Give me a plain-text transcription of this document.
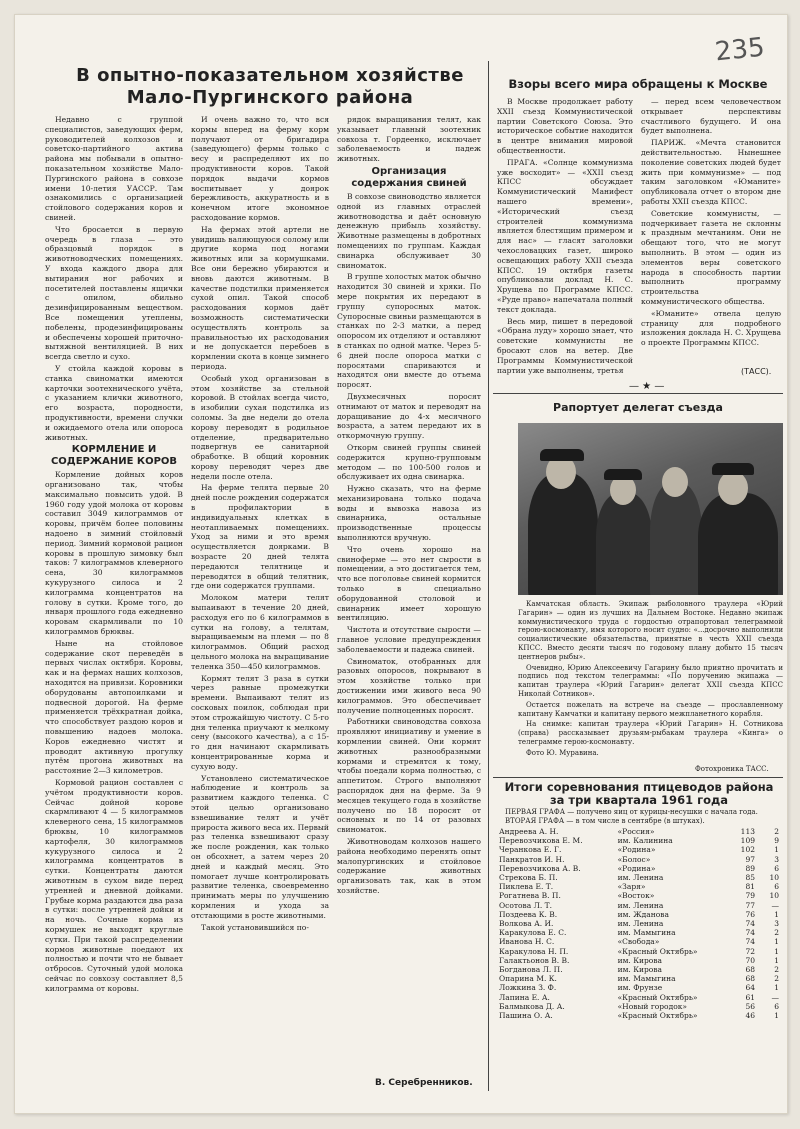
235
В опытно-показательном хозяйстве Мало-Пургинского района

Недавно с группой специалистов, заведующих ферм, руководителей колхозов и советско-партийного актива района мы побывали в опытно-показательном хозяйстве Мало-Пургинского района в совхозе имени 10-летия УАССР. Там ознакомились с организацией стойлового содержания коров и свиней.

Что бросается в первую очередь в глаза — это образцовый порядок в животноводческих помещениях. У входа каждого двора для вытирания ног рабочих и посетителей поставлены ящички с опилом, обильно дезинфицированным веществом. Все помещения утеплены, побелены, продезинфицированы и обеспечены хорошей приточно-вытяжной вентиляцией. В них всегда светло и сухо.

У стойла каждой коровы в станка свиноматки имеются карточки зоотехнического учёта, с указанием клички животного, его возраста, породности, продуктивности, времени случки и ожидаемого отела или опороса животных.

КОРМЛЕНИЕ И СОДЕРЖАНИЕ КОРОВ

Кормление дойных коров организовано так, чтобы максимально повысить удой. В 1960 году удой молока от коровы составил 3049 килограммов от коровы, причём более половины надоено в зимний стойловый период. Зимний кормовой рацион коровы в прошлую зимовку был таков: 7 килограммов клеверного сена, 30 килограммов кукурузного силоса и 2 килограмма концентратов на голову в сутки. Кроме того, до января прошлого года ежедневно коровам скармливали по 10 килограммов брюквы.

Ныне на стойловое содержание скот переведён в первых числах октября. Коровы, как и на фермах наших колхозов, находятся на привязи. Коровники оборудованы автопоилками и подвесной дорогой. На ферме применяется трёхкратная дойка, что способствует раздою коров и повышению надоев молока. Коров ежедневно чистят и проводят активную прогулку путём прогона животных на расстояние 2—3 километров.

Кормовой рацион составлен с учётом продуктивности коров. Сейчас дойной корове скармливают 4 — 5 килограммов клеверного сена, 15 килограммов брюквы, 10 килограммов картофеля, 30 килограммов кукурузного силоса и 2 килограмма концентратов в сутки. Концентраты даются животным в сухом виде перед утренней и дневной дойками. Грубые корма раздаются два раза в сутки: после утренней дойки и на ночь. Сочные корма из кормушек не выходят круглые сутки. При такой распределении кормов животные поедают их полностью и почти что не бывает отбросов. Суточный удой молока сейчас по совхозу составляет 8,5 килограмма от коровы.

И очень важно то, что вся кормы вперед на ферму корм получают от бригадира (заведующего) фермы только с весу и распределяют их по продуктивности коров. Такой порядок выдачи кормов воспитывает у доярок бережливость, аккуратность и в конечном итоге экономное расходование кормов.

На фермах этой артели не увидишь валяющуюся солому или другие корма под ногами животных или за кормушками. Все они бережно убираются и вновь даются животным. В качестве подстилки применяется сухой опил. Такой способ расходования кормов даёт возможность систематически осуществлять контроль за правильностью их расходования и не допускается перебоев в кормлении скота в конце зимнего периода.

Особый уход организован в этом хозяйстве за стельной коровой. В стойлах всегда чисто, в изобилии сухая подстилка из соломы. За две недели до отела корову переводят в родильное отделение, предварительно подвергнув ее санитарной обработке. В общий коровник корову переводят через две недели после отела.

На ферме телята первые 20 дней после рождения содержатся в профилактории в индивидуальных клетках в неотапливаемых помещениях. Уход за ними и это время осуществляется доярками. В возрасте 20 дней телята передаются телятнице и переводятся в общий телятник, где они содержатся группами.

Молоком матери телят выпаивают в течение 20 дней, расходуя его по 6 килограммов в сутки на голову, а телятам, выращиваемым на племя — по 8 килограммов. Общий расход цельного молока на выращивание теленка 350—450 килограммов.

Кормят телят 3 раза в сутки через равные промежутки времени. Выпаивают телят из сосковых поилок, соблюдая при этом строжайшую чистоту. С 5-го дня теленка приучают к мелкому сену (высокого качества), а с 15-го дня начинают скармливать концентрированные корма и сухую воду.

Установлено систематическое наблюдение и контроль за развитием каждого теленка. С этой целью организовано взвешивание телят и учёт прироста живого веса их. Первый раз теленка взвешивают сразу же после рождения, как только он обсохнет, а затем через 20 дней и каждый месяц. Это помогает лучше контролировать развитие теленка, своевременно принимать меры по улучшению кормления и ухода за отстающими в росте животными.

Такой установившийся по-

рядок выращивания телят, как указывает главный зоотехник совхоза т. Гордеенко, исключает заболеваемость и падеж животных.

Организация содержания свиней

В совхозе свиноводство является одной из главных отраслей животноводства и даёт основную денежную прибыль хозяйству. Животные размещены в добротных помещениях по группам. Каждая свинарка обслуживает 30 свиноматок.

В группе холостых маток обычно находится 30 свиней и хряки. По мере покрытия их передают в группу супоросных маток. Супоросные свиньи размещаются в станках по 2-3 матки, а перед опоросом их отделяют и оставляют в станках по одной матке. Через 5-6 дней после опороса матки с поросятами спариваются и находятся они вместе до отъема поросят.

Двухмесячных поросят отнимают от маток и переводят на доращивание до 4-х месячного возраста, а затем передают их в откормочную группу.

Откорм свиней группы свиней содержится крупно-групповым методом — по 100-500 голов и обслуживает их одна свинарка.

Нужно сказать, что на ферме механизирована только подача воды и вывозка навоза из свинарника, остальные производственные процессы выполняются вручную.

Что очень хорошо на свиноферме — это нет сырости в помещении, а это достигается тем, что все поголовье свиней кормится только в специально оборудованной столовой и свинарник имеет хорошую вентиляцию.

Чистота и отсутствие сырости — главное условие предупреждения заболеваемости и падежа свиней.

Свиноматок, отобранных для разовых опоросов, покрывают в этом хозяйстве только при достижении ими живого веса 90 килограммов. Это обеспечивает получение полноценных поросят.

Работники свиноводства совхоза проявляют инициативу и умение в кормлении свиней. Они кормят животных разнообразными кормами и стремятся к тому, чтобы поедали корма полностью, с аппетитом. Строго выполняют распорядок дня на ферме. За 9 месяцев текущего года в хозяйстве получено по 18 поросят от основных и по 14 от разовых свиноматок.

Животноводам колхозов нашего района необходимо перенять опыт малопургинских и стойловое содержание животных организовать так, как в этом хозяйстве.

В. Серебренников.
Взоры всего мира обращены к Москве

В Москве продолжает работу XXII съезд Коммунистической партии Советского Союза. Это историческое событие находится в центре внимания мировой общественности.

ПРАГА. «Солнце коммунизма уже восходит» — «XXII съезд КПСС обсуждает Коммунистический Манифест нашего времени», «Исторический съезд строителей коммунизма является блестящим примером и для нас» — гласят заголовки чехословацких газет, широко освещающих работу XXII съезда КПСС. 19 октября газеты опубликовали доклад Н. С. Хрущева по Программе КПСС. «Руде право» напечатала полный текст доклада.

Весь мир, пишет в передовой «Обрана луду» хорошо знает, что советские коммунисты не бросают слов на ветер. Две Программы Коммунистической партии уже выполнены, третья

— перед всем человечеством открывает перспективы счастливого будущего. И она будет выполнена.

ПАРИЖ. «Мечта становится действительностью. Нынешнее поколение советских людей будет жить при коммунизме» — под таким заголовком «Юманите» опубликовала отчет о втором дне работы XXII съезда КПСС.

Советские коммунисты, — подчеркивает газета не склонны к праздным мечтаниям. Они не обещают того, что не могут выполнить. В этом — один из элементов веры советского народа в способность партии выполнить программу строительства коммунистического общества.

«Юманите» отвела целую страницу для подробного изложения доклада Н. С. Хрущева о проекте Программы КПСС.

(ТАСС).
— ★ —
Рапортует делегат съезда

Камчатская область. Экипаж рыболовного траулера «Юрий Гагарин» — один из лучших на Дальнем Востоке. Недавно экипаж коммунистического труда с гордостью отрапортовал телеграммой герою-космонавту, имя которого носит судно: «...досрочно выполнили социалистические обязательства, принятые в честь XXII съезда КПСС. Вместо десяти тысяч по годовому плану добыто 15 тысяч центнеров рыбы».

Очевидно, Юрию Алексеевичу Гагарину было приятно прочитать и подпись под текстом телеграммы: «По поручению экипажа — капитан траулера «Юрий Гагарин» делегат XXII съезда КПСС Николай Сотников».

Остается пожелать на встрече на съезде — прославленному капитану Камчатки и капитану первого межпланетного корабля.

На снимке: капитан траулера «Юрий Гагарин» Н. Сотникова (справа) рассказывает друзьям-рыбакам траулера «Кинга» о телеграмме герою-космонавту.

Фото Ю. Муравина.

Фотохроника ТАСС.
Итоги соревнования птицеводов района за три квартала 1961 года
ПЕРВАЯ ГРАФА — получено яиц от курицы-несушки с начала года.
ВТОРАЯ ГРАФА — в том числе в сентябре (в штуках).
Андреева А. Н.	«Россия»	113	2
Перевозчикова Е. М.	им. Калинина	109	9
Черанкова Е. Г.	«Родина»	102	1
Панкратов И. Н.	«Болос»	97	3
Перевозчикова А. В.	«Родина»	89	6
Стрекова Б. П.	им. Ленина	85	10
Пиклева Е. Т.	«Заря»	81	6
Рогатнева В. П.	«Восток»	79	10
Осотова Л. Т.	им. Ленина	77	—
Поздеева К. В.	им. Жданова	76	1
Волкова А. И.	им. Ленина	74	3
Каракулова Е. С.	им. Мамыгина	74	2
Иванова Н. С.	«Свобода»	74	1
Каракулова Н. П.	«Красный Октябрь»	72	1
Галактьонов В. В.	им. Кирова	70	1
Богданова Л. П.	им. Кирова	68	2
Опарина М. К.	им. Мамыгина	68	2
Ложкина З. Ф.	им. Фрунзе	64	1
Лапина Е. А.	«Красный Октябрь»	61	—
Балмыкова Д. А.	«Новый городок»	56	6
Пашина О. А.	«Красный Октябрь»	46	1
